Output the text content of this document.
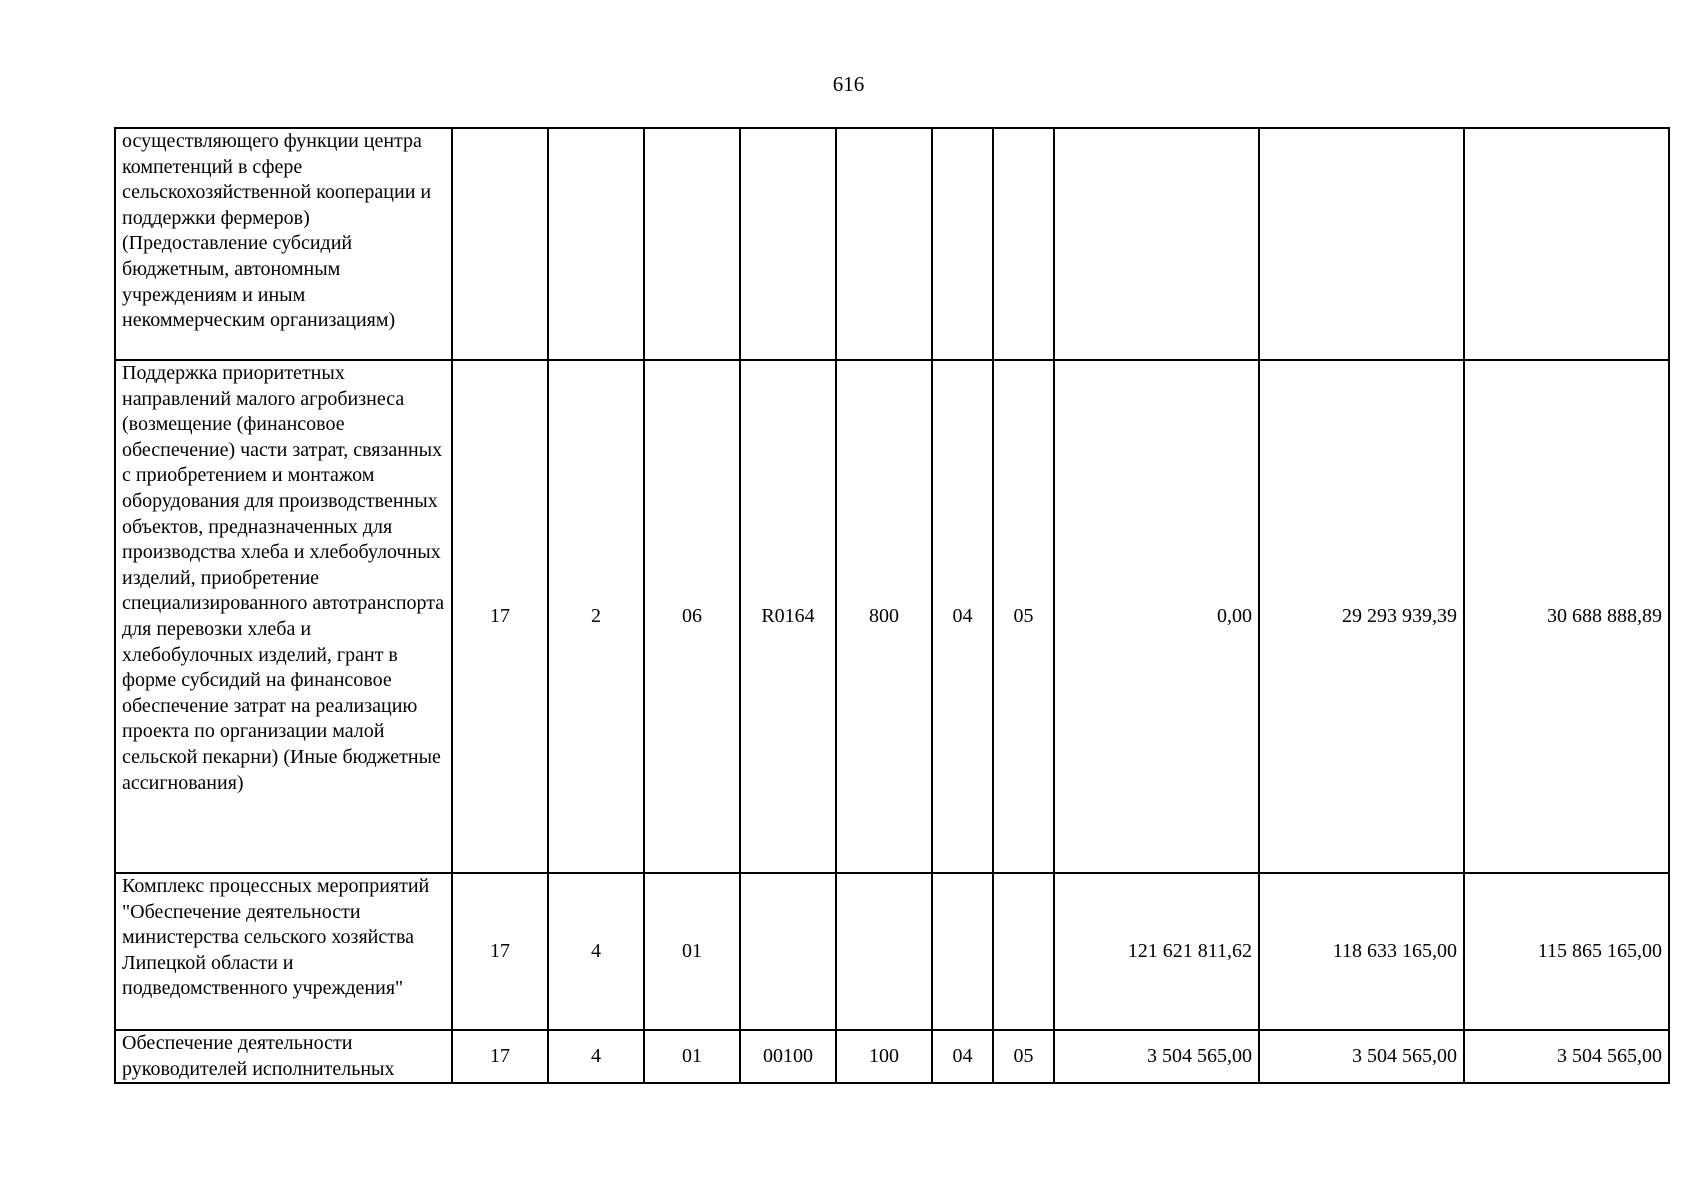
616
осуществляющего функции центра компетенций в сфере сельскохозяйственной кооперации и поддержки фермеров) (Предоставление субсидий бюджетным, автономным учреждениям и иным некоммерческим организациям)										
Поддержка приоритетных направлений малого агробизнеса (возмещение (финансовое обеспечение) части затрат, связанных с приобретением и монтажом оборудования для производственных объектов, предназначенных для производства хлеба и хлебобулочных изделий, приобретение специализированного автотранспорта для перевозки хлеба и хлебобулочных изделий, грант в форме субсидий на финансовое обеспечение затрат на реализацию проекта по организации малой сельской пекарни) (Иные бюджетные ассигнования)	17	2	06	R0164	800	04	05	0,00	29 293 939,39	30 688 888,89
Комплекс процессных мероприятий "Обеспечение деятельности министерства сельского хозяйства Липецкой области и подведомственного учреждения"	17	4	01					121 621 811,62	118 633 165,00	115 865 165,00
Обеспечение деятельности руководителей исполнительных	17	4	01	00100	100	04	05	3 504 565,00	3 504 565,00	3 504 565,00
